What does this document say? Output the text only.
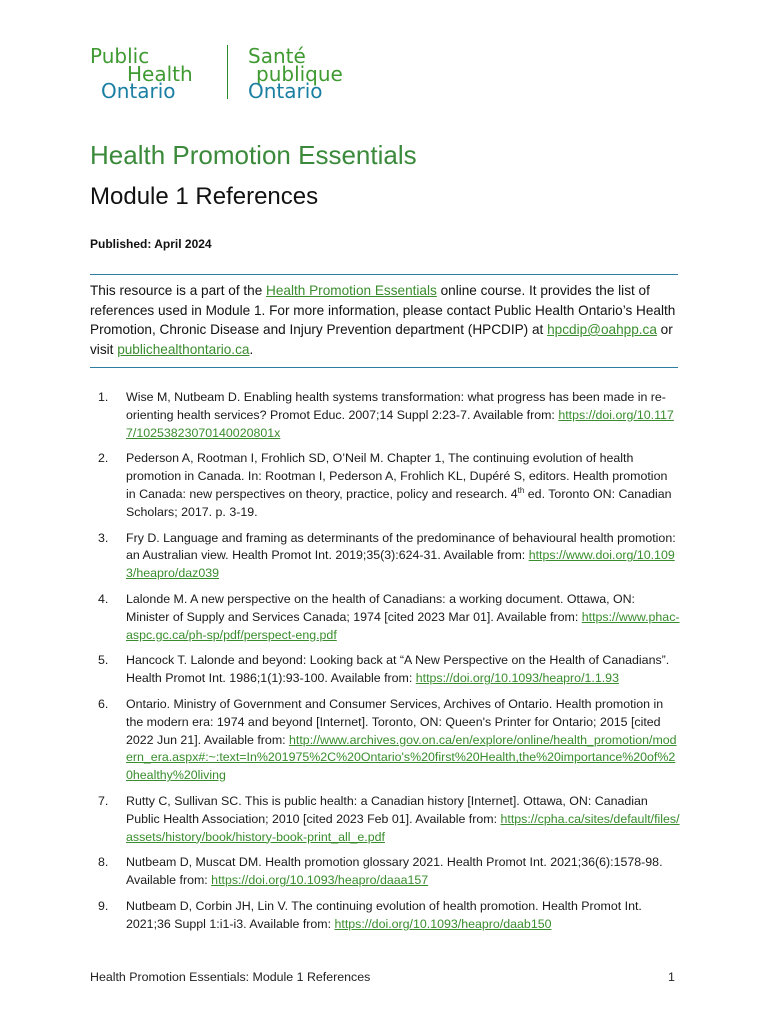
Public
Health
Ontario
Santé
publique
Ontario
Health Promotion Essentials
Module 1 References
Published: April 2024
This resource is a part of the Health Promotion Essentials online course. It provides the list of references used in Module 1. For more information, please contact Public Health Ontario’s Health Promotion, Chronic Disease and Injury Prevention department (HPCDIP) at hpcdip@oahpp.ca or visit publichealthontario.ca.
1. Wise M, Nutbeam D. Enabling health systems transformation: what progress has been made in re-orienting health services? Promot Educ. 2007;14 Suppl 2:23-7. Available from: https://doi.org/10.1177/10253823070140020801x
2. Pederson A, Rootman I, Frohlich SD, O’Neil M. Chapter 1, The continuing evolution of health promotion in Canada. In: Rootman I, Pederson A, Frohlich KL, Dupéré S, editors. Health promotion in Canada: new perspectives on theory, practice, policy and research. 4th ed. Toronto ON: Canadian Scholars; 2017. p. 3-19.
3. Fry D. Language and framing as determinants of the predominance of behavioural health promotion: an Australian view. Health Promot Int. 2019;35(3):624-31. Available from: https://www.doi.org/10.1093/heapro/daz039
4. Lalonde M. A new perspective on the health of Canadians: a working document. Ottawa, ON: Minister of Supply and Services Canada; 1974 [cited 2023 Mar 01]. Available from: https://www.phac-aspc.gc.ca/ph-sp/pdf/perspect-eng.pdf
5. Hancock T. Lalonde and beyond: Looking back at “A New Perspective on the Health of Canadians”. Health Promot Int. 1986;1(1):93-100. Available from: https://doi.org/10.1093/heapro/1.1.93
6. Ontario. Ministry of Government and Consumer Services, Archives of Ontario. Health promotion in the modern era: 1974 and beyond [Internet]. Toronto, ON: Queen's Printer for Ontario; 2015 [cited 2022 Jun 21]. Available from: http://www.archives.gov.on.ca/en/explore/online/health_promotion/modern_era.aspx#:~:text=In%201975%2C%20Ontario's%20first%20Health,the%20importance%20of%20healthy%20living
7. Rutty C, Sullivan SC. This is public health: a Canadian history [Internet]. Ottawa, ON: Canadian Public Health Association; 2010 [cited 2023 Feb 01]. Available from: https://cpha.ca/sites/default/files/assets/history/book/history-book-print_all_e.pdf
8. Nutbeam D, Muscat DM. Health promotion glossary 2021. Health Promot Int. 2021;36(6):1578-98. Available from: https://doi.org/10.1093/heapro/daaa157
9. Nutbeam D, Corbin JH, Lin V. The continuing evolution of health promotion. Health Promot Int. 2021;36 Suppl 1:i1-i3. Available from: https://doi.org/10.1093/heapro/daab150
Health Promotion Essentials: Module 1 References	1
